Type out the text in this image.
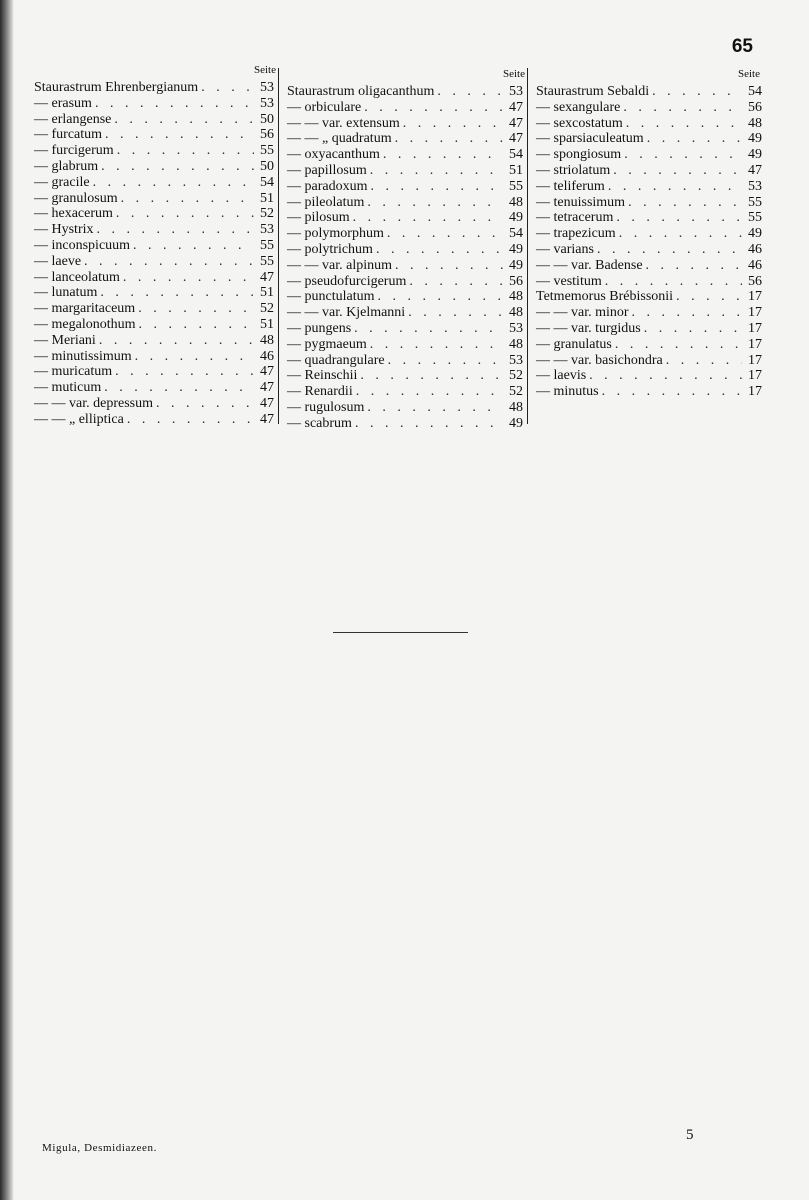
65
Seite
Staurastrum Ehrenbergianum . . .	53
— erasum . . .	53
— erlangense . . .	50
— furcatum . . .	56
— furcigerum . . .	55
— glabrum . . .	50
— gracile . . .	54
— granulosum . . .	51
— hexacerum . . .	52
— Hystrix . . .	53
— inconspicuum . . .	55
— laeve . . .	55
— lanceolatum . . .	47
— lunatum . . .	51
— margaritaceum . . .	52
— megalonothum . . .	51
— Meriani . . .	48
— minutissimum . . .	46
— muricatum . . .	47
— muticum . . .	47
— — var. depressum . . .	47
— — „ elliptica . . .	47
Seite
Staurastrum oligacanthum . . .	53
— orbiculare . . .	47
— — var. extensum . . .	47
— — „ quadratum . . .	47
— oxyacanthum . . .	54
— papillosum . . .	51
— paradoxum . . .	55
— pileolatum . . .	48
— pilosum . . .	49
— polymorphum . . .	54
— polytrichum . . .	49
— — var. alpinum . . .	49
— pseudofurcigerum . . .	56
— punctulatum . . .	48
— — var. Kjelmanni . . .	48
— pungens . . .	53
— pygmaeum . . .	48
— quadrangulare . . .	53
— Reinschii . . .	52
— Renardii . . .	52
— rugulosum . . .	48
— scabrum . . .	49
Seite
Staurastrum Sebaldi . . .	54
— sexangulare . . .	56
— sexcostatum . . .	48
— sparsiaculeatum . . .	49
— spongiosum . . .	49
— striolatum . . .	47
— teliferum . . .	53
— tenuissimum . . .	55
— tetracerum . . .	55
— trapezicum . . .	49
— varians . . .	46
— — var. Badense . . .	46
— vestitum . . .	56
Tetmemorus Brébissonii . . .	17
— — var. minor . . .	17
— — var. turgidus . . .	17
— granulatus . . .	17
— — var. basichondra . . .	17
— laevis . . .	17
— minutus . . .	17
Migula, Desmidiazeen.
5
